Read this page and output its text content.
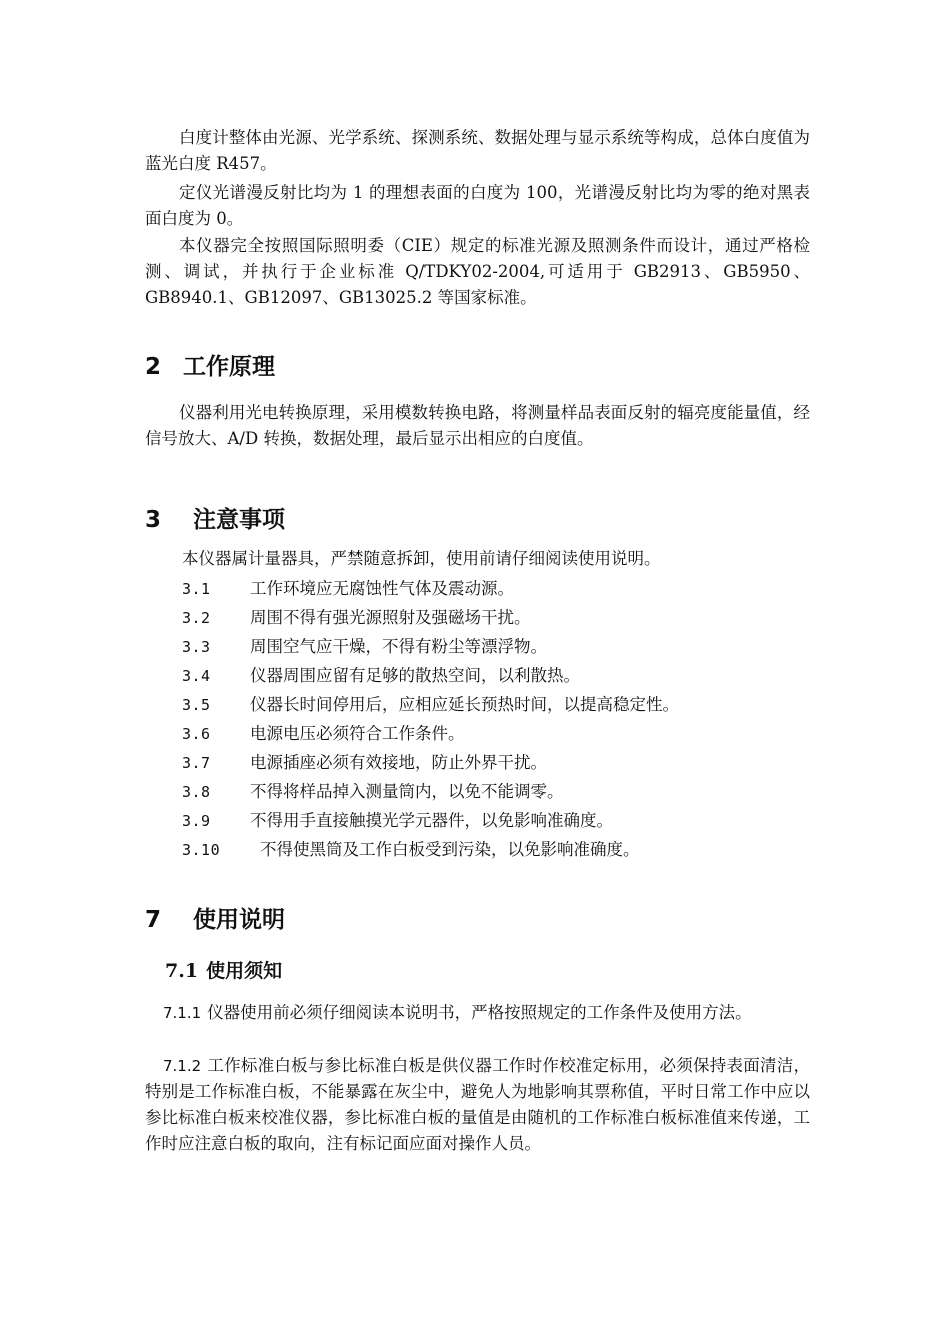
白度计整体由光源、光学系统、探测系统、数据处理与显示系统等构成，总体白度值为蓝光白度 R457。

定仪光谱漫反射比均为 1 的理想表面的白度为 100，光谱漫反射比均为零的绝对黑表面白度为 0。

本仪器完全按照国际照明委（CIE）规定的标准光源及照测条件而设计，通过严格检测、调试，并执行于企业标准 Q/TDKY02-2004,可适用于 GB2913、GB5950、GB8940.1、GB12097、GB13025.2 等国家标准。

2 工作原理

仪器利用光电转换原理，采用模数转换电路，将测量样品表面反射的辐亮度能量值，经信号放大、A/D 转换，数据处理，最后显示出相应的白度值。

3 注意事项

本仪器属计量器具，严禁随意拆卸，使用前请仔细阅读使用说明。

3.1 工作环境应无腐蚀性气体及震动源。

3.2 周围不得有强光源照射及强磁场干扰。

3.3 周围空气应干燥，不得有粉尘等漂浮物。

3.4 仪器周围应留有足够的散热空间，以利散热。

3.5 仪器长时间停用后，应相应延长预热时间，以提高稳定性。

3.6 电源电压必须符合工作条件。

3.7 电源插座必须有效接地，防止外界干扰。

3.8 不得将样品掉入测量筒内，以免不能调零。

3.9 不得用手直接触摸光学元器件，以免影响准确度。

3.10 不得使黑筒及工作白板受到污染，以免影响准确度。

7 使用说明
7.1 使用须知

7.1.1 仪器使用前必须仔细阅读本说明书，严格按照规定的工作条件及使用方法。

7.1.2 工作标准白板与参比标准白板是供仪器工作时作校准定标用，必须保持表面清洁，特别是工作标准白板，不能暴露在灰尘中，避免人为地影响其票称值，平时日常工作中应以参比标准白板来校准仪器，参比标准白板的量值是由随机的工作标准白板标准值来传递，工作时应注意白板的取向，注有标记面应面对操作人员。
